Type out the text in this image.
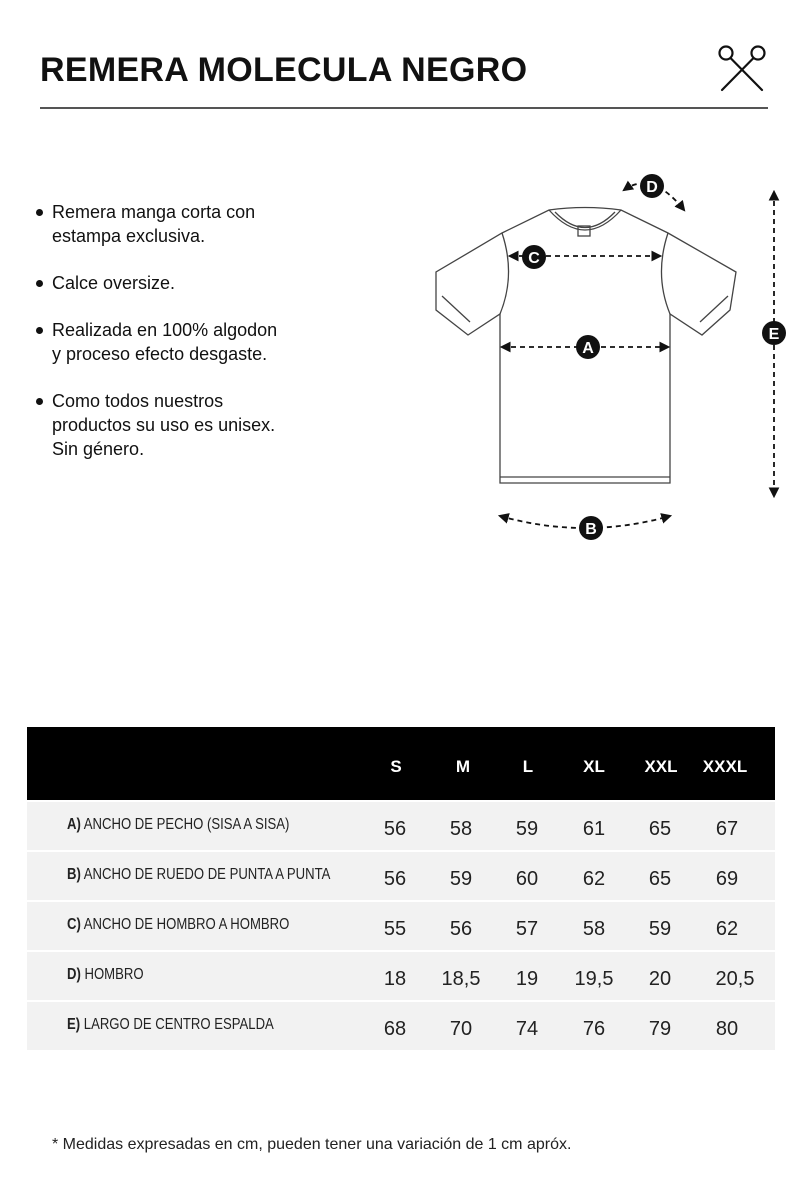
REMERA MOLECULA NEGRO
Remera manga corta con
estampa exclusiva.
Calce oversize.
Realizada en 100% algodon
y proceso efecto desgaste.
Como todos nuestros
productos su uso es unisex.
Sin género.
C
A
B
D
E
S	M	L	XL	XXL	XXXL
A) ANCHO DE PECHO (SISA A SISA)	56	58	59	61	65	67
B) ANCHO DE RUEDO DE PUNTA A PUNTA	56	59	60	62	65	69
C) ANCHO DE HOMBRO A HOMBRO	55	56	57	58	59	62
D) HOMBRO	18	18,5	19	19,5	20	20,5
E) LARGO DE CENTRO ESPALDA	68	70	74	76	79	80

* Medidas expresadas en cm, pueden tener una variación de 1 cm apróx.
